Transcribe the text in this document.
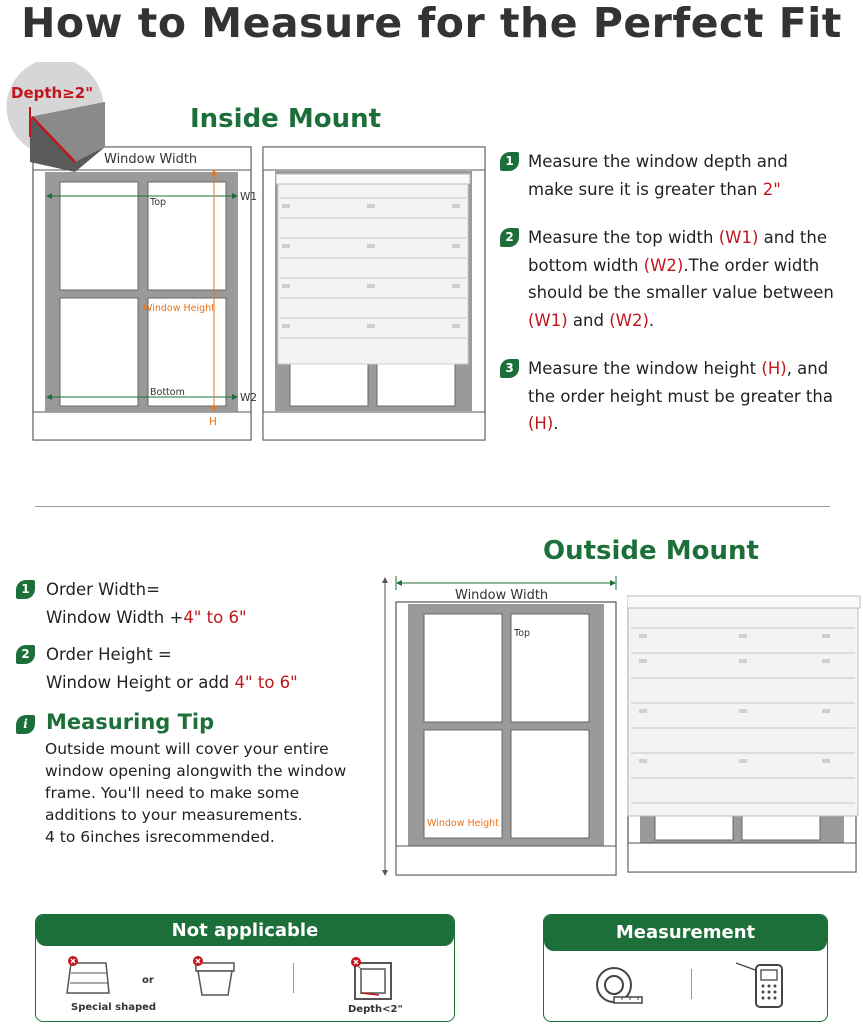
How to Measure for the Perfect Fit
Inside Mount
Depth≥2"
Window Width
Top
Bottom
Window Height
W1
W2
H
1 Measure the window depth and
make sure it is greater than 2"
2 Measure the top width (W1) and the
bottom width (W2).The order width
should be the smaller value between
(W1) and (W2).
3 Measure the window height (H), and
the order height must be greater tha
(H).
Outside Mount
1 Order Width=
Window Width +4" to 6"
2 Order Height =
Window Height or add 4" to 6"
i Measuring Tip
Outside mount will cover your entire
window opening alongwith the window
frame. You'll need to make some
additions to your measurements.
4 to 6inches isrecommended.
Window Width
Top
Window Height
Not applicable
or
Special shaped	Depth<2"
Measurement
